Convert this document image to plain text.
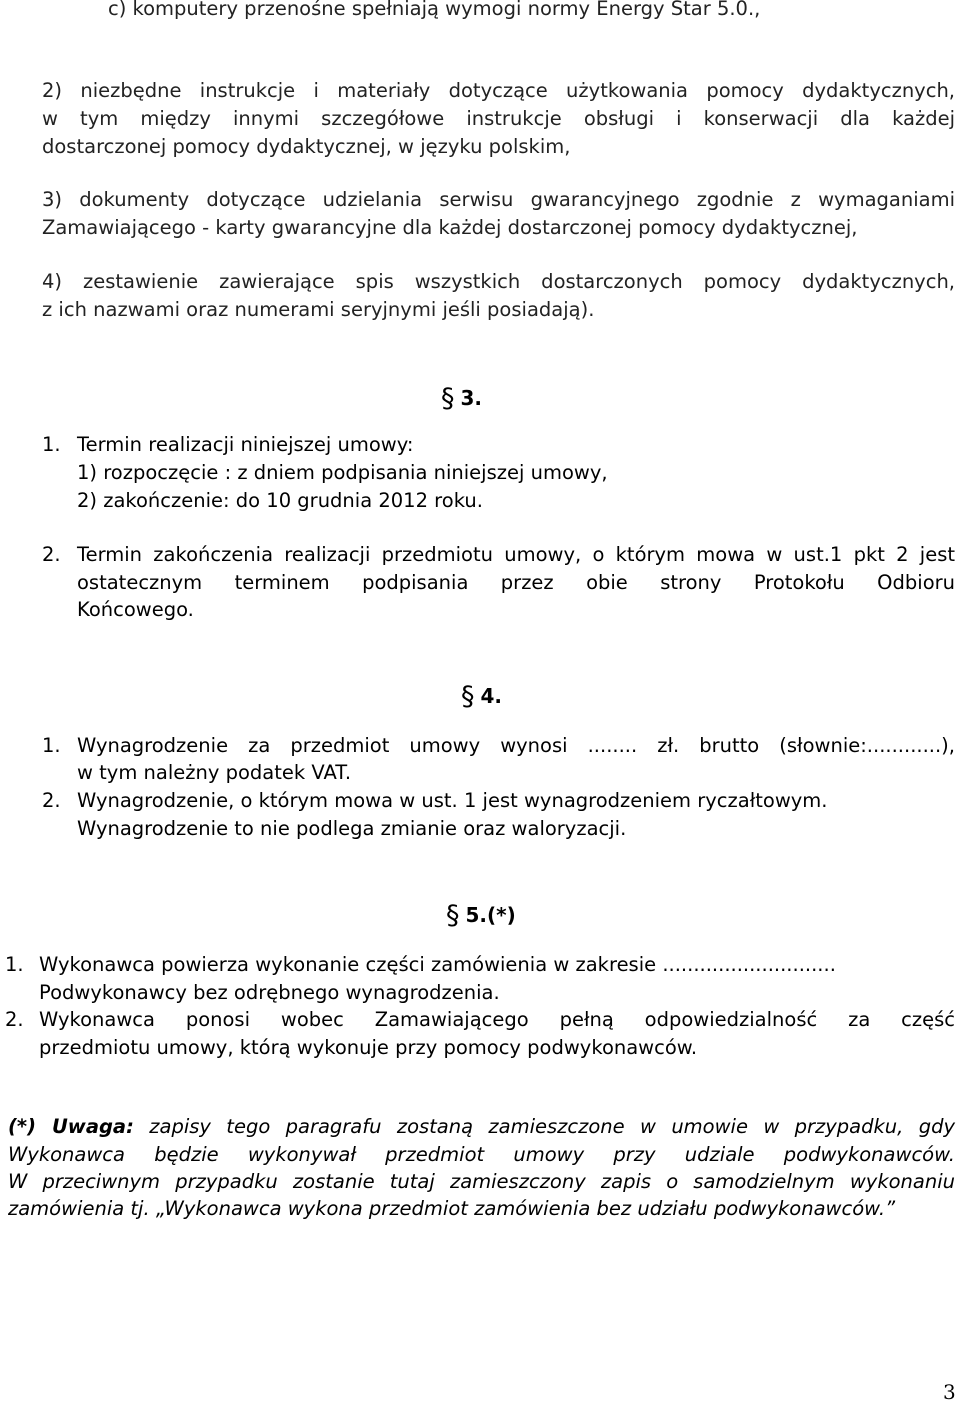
c) komputery przenośne spełniają wymogi normy Energy Star 5.0.,
2) niezbędne instrukcje i materiały dotyczące użytkowania pomocy dydaktycznych,
w tym między innymi szczegółowe instrukcje obsługi i konserwacji dla każdej
dostarczonej pomocy dydaktycznej, w języku polskim,
3) dokumenty dotyczące udzielania serwisu gwarancyjnego zgodnie z wymaganiami
Zamawiającego - karty gwarancyjne dla każdej dostarczonej pomocy dydaktycznej,
4) zestawienie zawierające spis wszystkich dostarczonych pomocy dydaktycznych,
z ich nazwami oraz numerami seryjnymi jeśli posiadają).
§ 3.
1. Termin realizacji niniejszej umowy:
1) rozpoczęcie : z dniem podpisania niniejszej umowy,
2) zakończenie: do 10 grudnia 2012 roku.
2. Termin zakończenia realizacji przedmiotu umowy, o którym mowa w ust.1 pkt 2 jest
ostatecznym terminem podpisania przez obie strony Protokołu Odbioru
Końcowego.
§ 4.
1. Wynagrodzenie za przedmiot umowy wynosi ........ zł. brutto (słownie:............),
w tym należny podatek VAT.
2. Wynagrodzenie, o którym mowa w ust. 1 jest wynagrodzeniem ryczałtowym.
Wynagrodzenie to nie podlega zmianie oraz waloryzacji.
§ 5.(*)
1. Wykonawca powierza wykonanie części zamówienia w zakresie ............................
Podwykonawcy bez odrębnego wynagrodzenia.
2. Wykonawca ponosi wobec Zamawiającego pełną odpowiedzialność za część
przedmiotu umowy, którą wykonuje przy pomocy podwykonawców.
(*) Uwaga: zapisy tego paragrafu zostaną zamieszczone w umowie w przypadku, gdy
Wykonawca będzie wykonywał przedmiot umowy przy udziale podwykonawców.
W przeciwnym przypadku zostanie tutaj zamieszczony zapis o samodzielnym wykonaniu
zamówienia tj. „Wykonawca wykona przedmiot zamówienia bez udziału podwykonawców.”
3
